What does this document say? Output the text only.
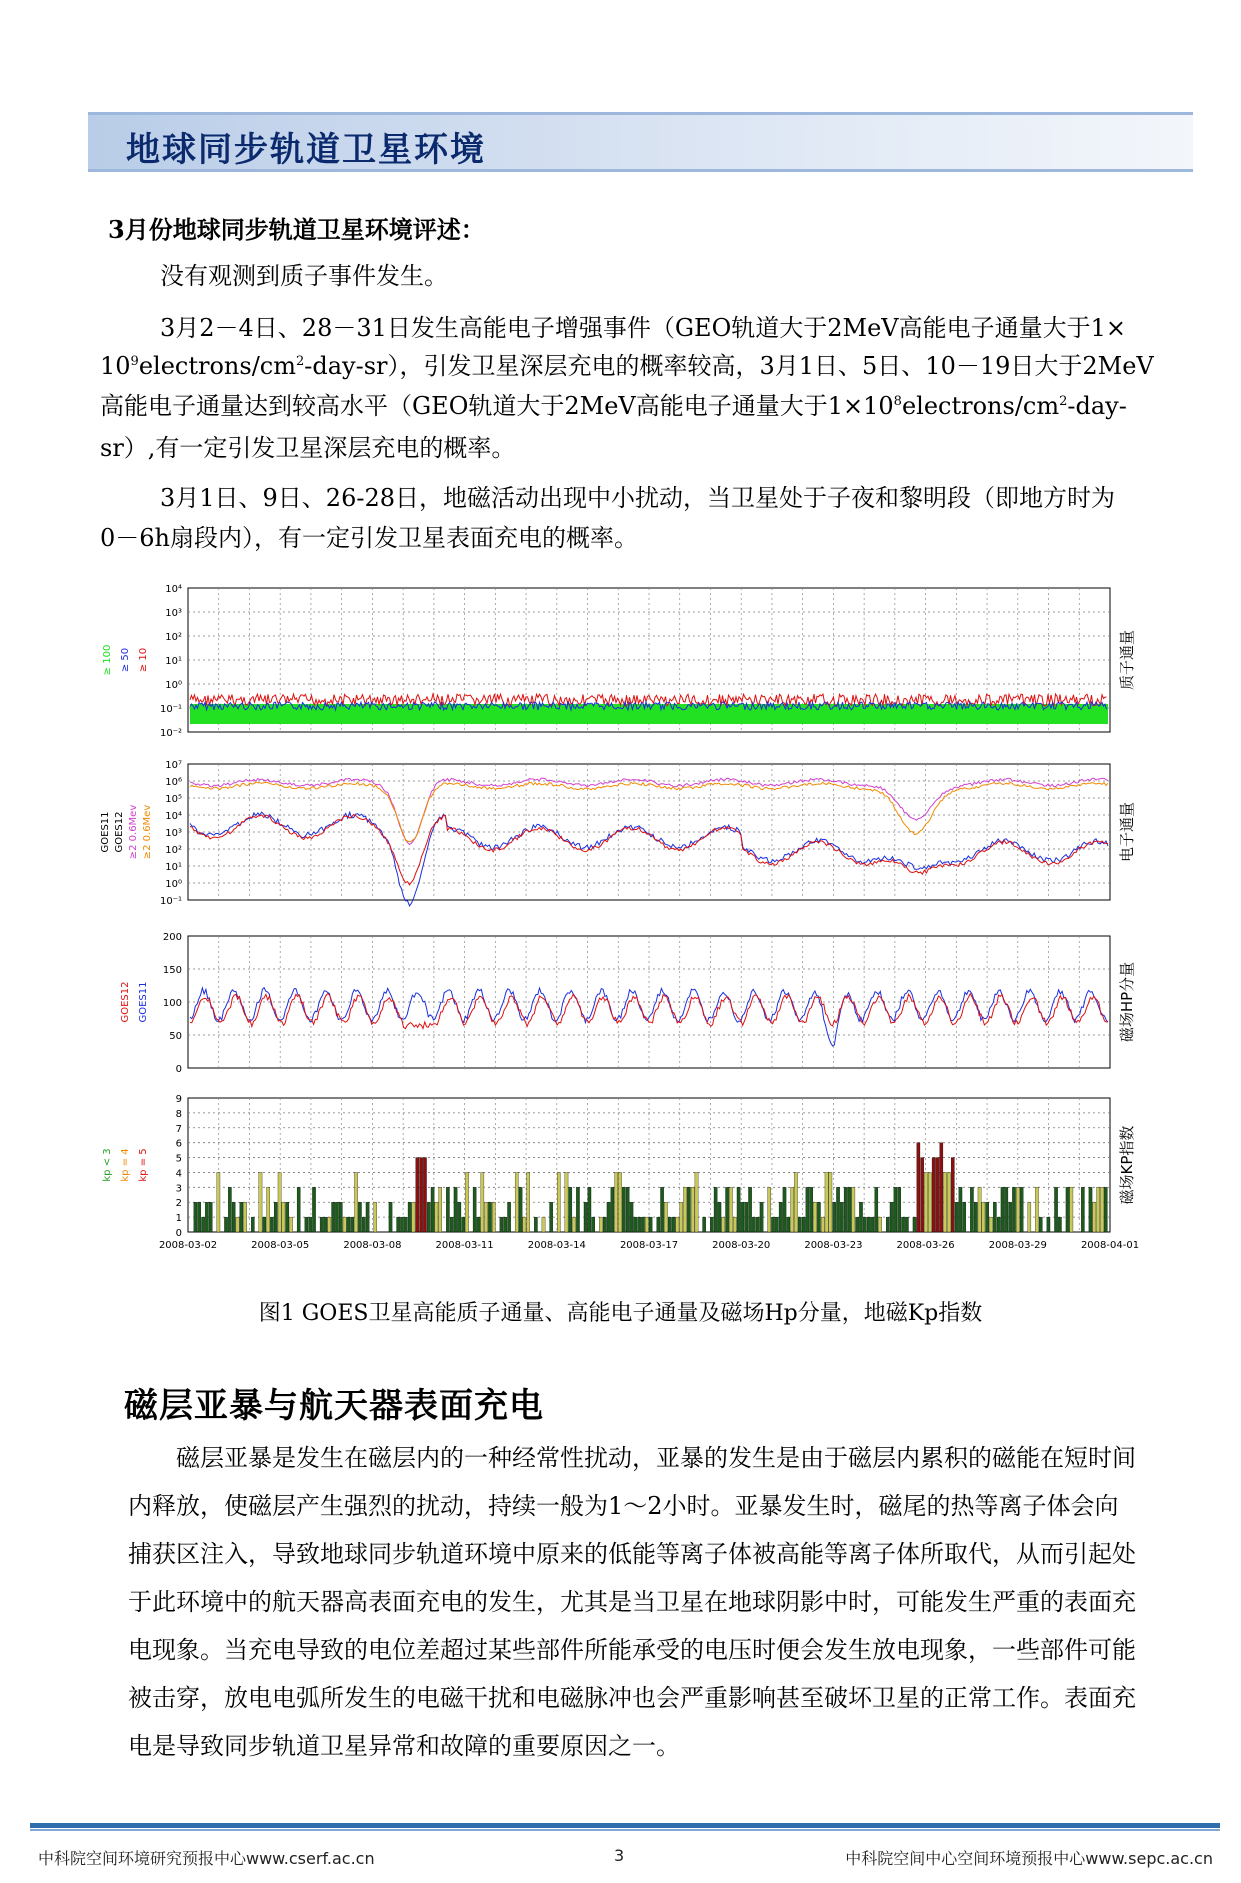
地球同步轨道卫星环境
3月份地球同步轨道卫星环境评述：
没有观测到质子事件发生。
3月2－4日、28－31日发生高能电子增强事件（GEO轨道大于2MeV高能电子通量大于1×
$10^9electrons/cm^2-day-sr$），引发卫星深层充电的概率较高，3月1日、5日、10－19日大于2MeV
高能电子通量达到较高水平（GEO轨道大于2MeV高能电子通量大于$1\times 10^8electrons/cm^2-day-$
sr）,有一定引发卫星深层充电的概率。
3月1日、9日、26-28日，地磁活动出现中小扰动，当卫星处于子夜和黎明段（即地方时为
0－6h扇段内），有一定引发卫星表面充电的概率。
10⁴
10³
10²
10¹
10⁰
10⁻¹
10⁻²
质子通量
≥ 10
≥ 50
≥ 100
10⁷
10⁶
10⁵
10⁴
10³
10²
10¹
10⁰
10⁻¹
电子通量
GOES11 GOES12 ≥2 0.6Mev ≥2 0.6Mev
200
150
100
50
0
磁场HP分量
GOES11
GOES12
9
8
7
6
5
4
3
2
1
0
磁场KP指数
kp = 5
kp = 4
kp < 3
2008-03-02	2008-03-05	2008-03-08	2008-03-11	2008-03-14	2008-03-17	2008-03-20	2008-03-23	2008-03-26	2008-03-29	2008-04-01
图1 GOES卫星高能质子通量、高能电子通量及磁场Hp分量，地磁Kp指数
磁层亚暴与航天器表面充电
磁层亚暴是发生在磁层内的一种经常性扰动，亚暴的发生是由于磁层内累积的磁能在短时间内释放，使磁层产生强烈的扰动，持续一般为1～2小时。亚暴发生时，磁尾的热等离子体会向捕获区注入，导致地球同步轨道环境中原来的低能等离子体被高能等离子体所取代，从而引起处于此环境中的航天器高表面充电的发生，尤其是当卫星在地球阴影中时，可能发生严重的表面充电现象。当充电导致的电位差超过某些部件所能承受的电压时便会发生放电现象，一些部件可能被击穿，放电电弧所发生的电磁干扰和电磁脉冲也会严重影响甚至破坏卫星的正常工作。表面充电是导致同步轨道卫星异常和故障的重要原因之一。
中科院空间环境研究预报中心www.cserf.ac.cn	3	中科院空间中心空间环境预报中心www.sepc.ac.cn
